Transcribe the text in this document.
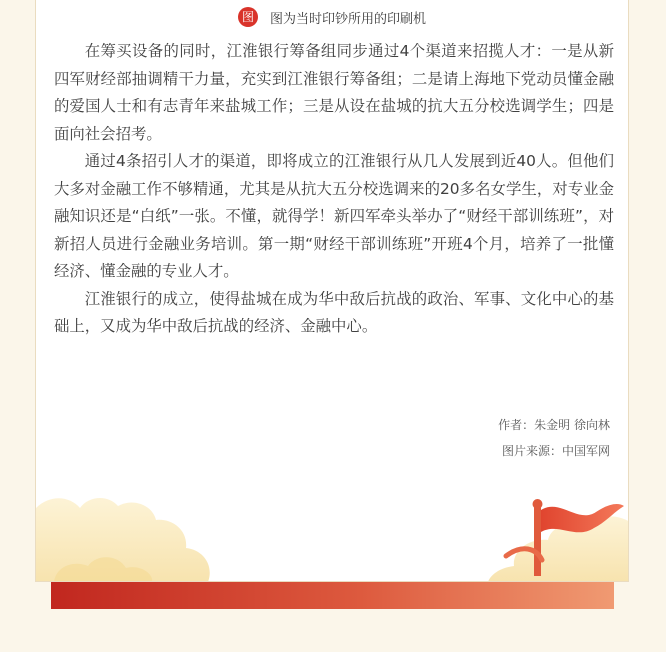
图	图为当时印钞所用的印刷机

在筹买设备的同时，江淮银行筹备组同步通过4个渠道来招揽人才：一是从新四军财经部抽调精干力量，充实到江淮银行筹备组；二是请上海地下党动员懂金融的爱国人士和有志青年来盐城工作；三是从设在盐城的抗大五分校选调学生；四是面向社会招考。

通过4条招引人才的渠道，即将成立的江淮银行从几人发展到近40人。但他们大多对金融工作不够精通，尤其是从抗大五分校选调来的20多名女学生，对专业金融知识还是“白纸”一张。不懂，就得学！新四军牵头举办了“财经干部训练班”，对新招人员进行金融业务培训。第一期“财经干部训练班”开班4个月，培养了一批懂经济、懂金融的专业人才。

江淮银行的成立，使得盐城在成为华中敌后抗战的政治、军事、文化中心的基础上，又成为华中敌后抗战的经济、金融中心。

作者：朱金明 徐向林
图片来源：中国军网
